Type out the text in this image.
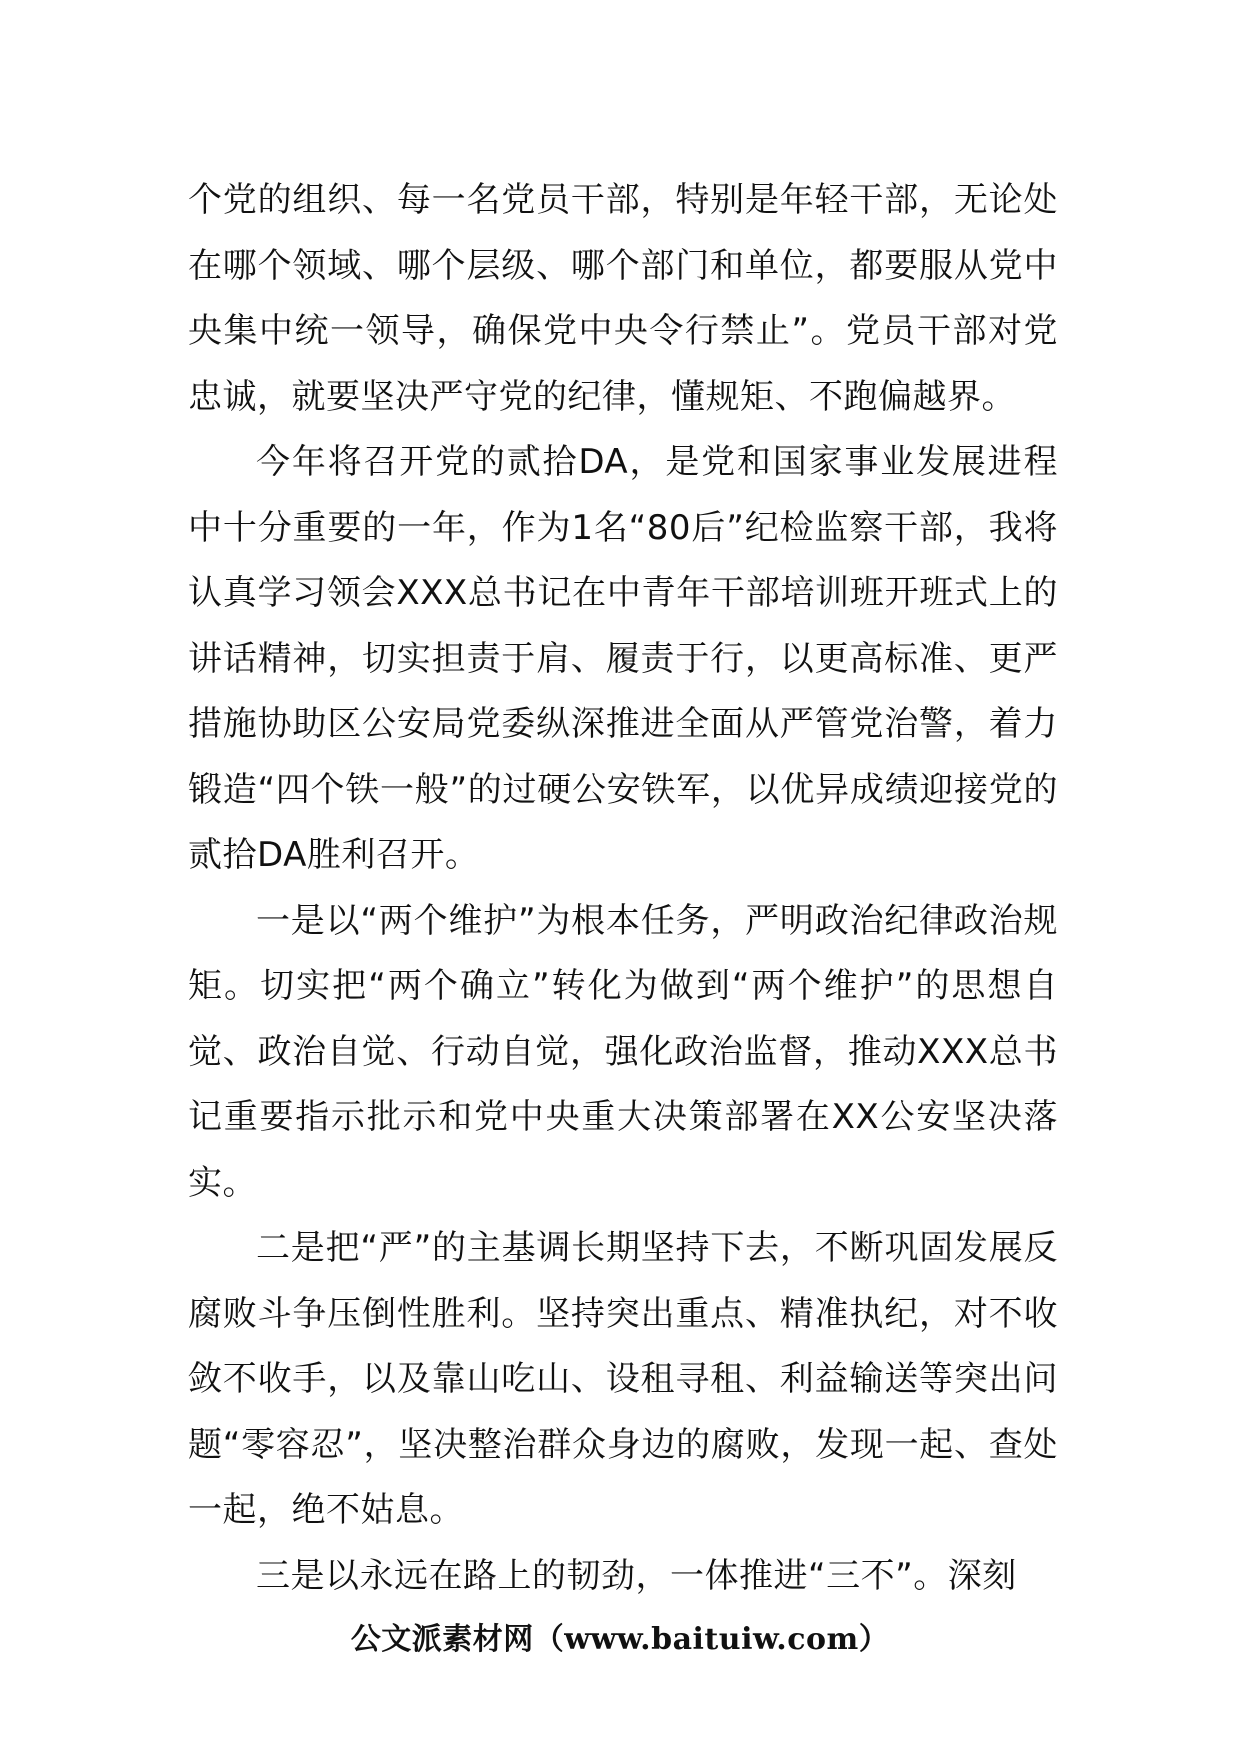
个党的组织、每一名党员干部，特别是年轻干部，无论处在哪个领域、哪个层级、哪个部门和单位，都要服从党中央集中统一领导，确保党中央令行禁止”。党员干部对党忠诚，就要坚决严守党的纪律，懂规矩、不跑偏越界。

今年将召开党的贰拾DA，是党和国家事业发展进程中十分重要的一年，作为1名“80后”纪检监察干部，我将认真学习领会XXX总书记在中青年干部培训班开班式上的讲话精神，切实担责于肩、履责于行，以更高标准、更严措施协助区公安局党委纵深推进全面从严管党治警，着力锻造“四个铁一般”的过硬公安铁军，以优异成绩迎接党的贰拾DA胜利召开。

一是以“两个维护”为根本任务，严明政治纪律政治规矩。切实把“两个确立”转化为做到“两个维护”的思想自觉、政治自觉、行动自觉，强化政治监督，推动XXX总书记重要指示批示和党中央重大决策部署在XX公安坚决落实。

二是把“严”的主基调长期坚持下去，不断巩固发展反腐败斗争压倒性胜利。坚持突出重点、精准执纪，对不收敛不收手，以及靠山吃山、设租寻租、利益输送等突出问题“零容忍”，坚决整治群众身边的腐败，发现一起、查处一起，绝不姑息。

三是以永远在路上的韧劲，一体推进“三不”。深刻

公文派素材网（www.baituiw.com）
